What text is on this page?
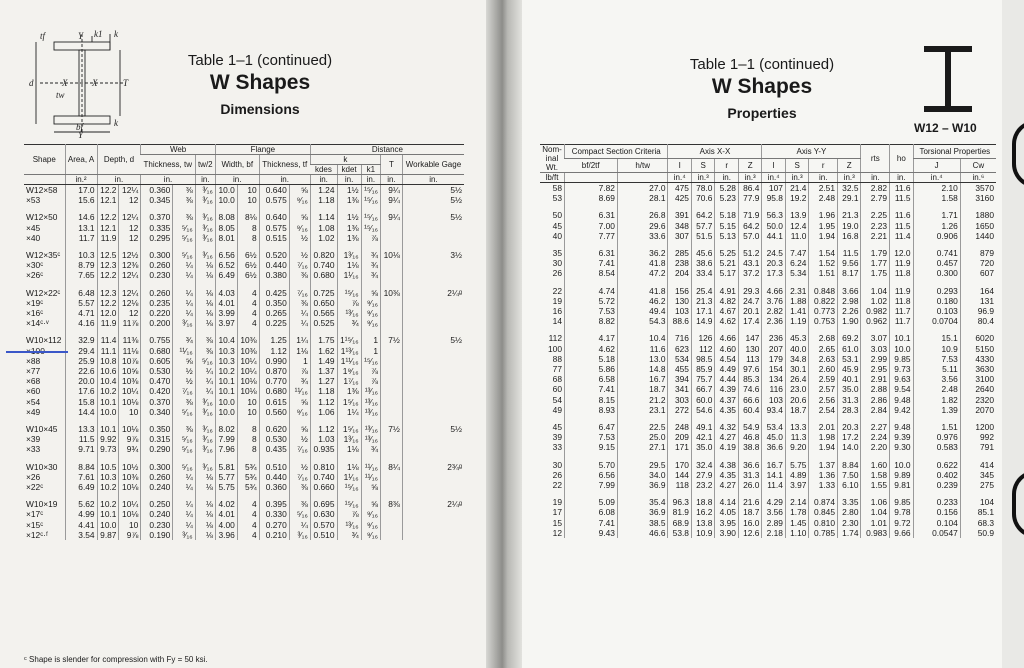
tf	k1 k
d	X	X	T
tw
Y
Y
bf	k
Table 1–1 (continued)
W Shapes
Dimensions
Shape	Area, A	Depth, d		Web			Flange				Distance				
				Thickness, tw		tw/2	Width, bf		Thickness, tf		k			T	Workable Gage
											kdes	kdet	k1		
	in.²	in.		in.		in.	in.		in.		in.	in.	in.	in.	in.
W12×58	17.0	12.2	12¼	0.360	⅜	³⁄₁₆	10.0	10	0.640	⅝	1.24	1½	¹⁵⁄₁₆	9¼	5½
×53	15.6	12.1	12	0.345	⅜	³⁄₁₆	10.0	10	0.575	⁹⁄₁₆	1.18	1⅜	¹⁵⁄₁₆	9¼	5½

W12×50	14.6	12.2	12¼	0.370	⅜	³⁄₁₆	8.08	8⅛	0.640	⅝	1.14	1½	¹⁵⁄₁₆	9¼	5½
×45	13.1	12.1	12	0.335	⁵⁄₁₆	³⁄₁₆	8.05	8	0.575	⁹⁄₁₆	1.08	1⅜	¹⁵⁄₁₆		
×40	11.7	11.9	12	0.295	⁵⁄₁₆	³⁄₁₆	8.01	8	0.515	½	1.02	1⅜	⅞		

W12×35ᶜ	10.3	12.5	12½	0.300	⁵⁄₁₆	³⁄₁₆	6.56	6½	0.520	½	0.820	1³⁄₁₆	¾	10⅛	3½
×30ᶜ	8.79	12.3	12⅜	0.260	¼	⅛	6.52	6½	0.440	⁷⁄₁₆	0.740	1⅛	¾		
×26ᶜ	7.65	12.2	12¼	0.230	¼	⅛	6.49	6½	0.380	⅜	0.680	1¹⁄₁₆	¾		

W12×22ᶜ	6.48	12.3	12¼	0.260	¼	⅛	4.03	4	0.425	⁷⁄₁₆	0.725	¹⁵⁄₁₆	⅝	10⅜	2¼ᵍ
×19ᶜ	5.57	12.2	12⅛	0.235	¼	⅛	4.01	4	0.350	⅜	0.650	⅞	⁹⁄₁₆		
×16ᶜ	4.71	12.0	12	0.220	¼	⅛	3.99	4	0.265	¼	0.565	¹³⁄₁₆	⁹⁄₁₆		
×14ᶜ·ᵛ	4.16	11.9	11⅞	0.200	³⁄₁₆	⅛	3.97	4	0.225	¼	0.525	¾	⁹⁄₁₆		

W10×112	32.9	11.4	11⅜	0.755	¾	⅜	10.4	10⅜	1.25	1¼	1.75	1¹⁵⁄₁₆	1	7½	5½
	29.4	11.1	11⅛	0.680	¹¹⁄₁₆	⅜	10.3	10⅜	1.12	1⅛	1.62	1¹³⁄₁₆	1		
×88	25.9	10.8	10⅞	0.605	⅝	⁵⁄₁₆	10.3	10¼	0.990	1	1.49	1¹¹⁄₁₆	¹⁵⁄₁₆		
×77	22.6	10.6	10⅝	0.530	½	¼	10.2	10¼	0.870	⅞	1.37	1⁹⁄₁₆	⅞		
×68	20.0	10.4	10⅜	0.470	½	¼	10.1	10⅛	0.770	¾	1.27	1⁷⁄₁₆	⅞		
×60	17.6	10.2	10¼	0.420	⁷⁄₁₆	¼	10.1	10⅛	0.680	¹¹⁄₁₆	1.18	1⅜	¹³⁄₁₆		
×54	15.8	10.1	10⅛	0.370	⅜	³⁄₁₆	10.0	10	0.615	⅝	1.12	1⁵⁄₁₆	¹³⁄₁₆		
×49	14.4	10.0	10	0.340	⁵⁄₁₆	³⁄₁₆	10.0	10	0.560	⁹⁄₁₆	1.06	1¼	¹³⁄₁₆		

W10×45	13.3	10.1	10⅛	0.350	⅜	³⁄₁₆	8.02	8	0.620	⅝	1.12	1⁵⁄₁₆	¹³⁄₁₆	7½	5½
×39	11.5	9.92	9⅞	0.315	⁵⁄₁₆	³⁄₁₆	7.99	8	0.530	½	1.03	1³⁄₁₆	¹³⁄₁₆		
×33	9.71	9.73	9¾	0.290	⁵⁄₁₆	³⁄₁₆	7.96	8	0.435	⁷⁄₁₆	0.935	1⅛	¾		

W10×30	8.84	10.5	10½	0.300	⁵⁄₁₆	³⁄₁₆	5.81	5¾	0.510	½	0.810	1⅛	¹¹⁄₁₆	8¼	2¾ᵍ
×26	7.61	10.3	10⅜	0.260	¼	⅛	5.77	5¾	0.440	⁷⁄₁₆	0.740	1¹⁄₁₆	¹¹⁄₁₆		
×22ᶜ	6.49	10.2	10⅛	0.240	¼	⅛	5.75	5¾	0.360	⅜	0.660	¹⁵⁄₁₆	⅝		

W10×19	5.62	10.2	10¼	0.250	¼	⅛	4.02	4	0.395	⅜	0.695	¹⁵⁄₁₆	⅝	8⅜	2¼ᵍ
×17ᶜ	4.99	10.1	10⅛	0.240	¼	⅛	4.01	4	0.330	⁵⁄₁₆	0.630	⅞	⁹⁄₁₆		
×15ᶜ	4.41	10.0	10	0.230	¼	⅛	4.00	4	0.270	¼	0.570	¹³⁄₁₆	⁹⁄₁₆		
×12ᶜ·ᶠ	3.54	9.87	9⅞	0.190	³⁄₁₆	⅛	3.96	4	0.210	³⁄₁₆	0.510	¾	⁹⁄₁₆		
ᶜ Shape is slender for compression with Fy = 50 ksi.
Table 1–1 (continued)
W Shapes
Properties
W12 – W10
Nom-inal Wt.	Compact Section Criteria		Axis X-X				Axis Y-Y				rts	ho	Torsional Properties	
	bf/2tf	h/tw	I	S	r	Z	I	S	r	Z			J	Cw
lb/ft			in.⁴	in.³	in.	in.³	in.⁴	in.³	in.	in.³	in.	in.	in.⁴	in.⁶
58	7.82	27.0	475	78.0	5.28	86.4	107	21.4	2.51	32.5	2.82	11.6	2.10	3570
53	8.69	28.1	425	70.6	5.23	77.9	95.8	19.2	2.48	29.1	2.79	11.5	1.58	3160

50	6.31	26.8	391	64.2	5.18	71.9	56.3	13.9	1.96	21.3	2.25	11.6	1.71	1880
45	7.00	29.6	348	57.7	5.15	64.2	50.0	12.4	1.95	19.0	2.23	11.5	1.26	1650
40	7.77	33.6	307	51.5	5.13	57.0	44.1	11.0	1.94	16.8	2.21	11.4	0.906	1440

35	6.31	36.2	285	45.6	5.25	51.2	24.5	7.47	1.54	11.5	1.79	12.0	0.741	879
30	7.41	41.8	238	38.6	5.21	43.1	20.3	6.24	1.52	9.56	1.77	11.9	0.457	720
26	8.54	47.2	204	33.4	5.17	37.2	17.3	5.34	1.51	8.17	1.75	11.8	0.300	607

22	4.74	41.8	156	25.4	4.91	29.3	4.66	2.31	0.848	3.66	1.04	11.9	0.293	164
19	5.72	46.2	130	21.3	4.82	24.7	3.76	1.88	0.822	2.98	1.02	11.8	0.180	131
16	7.53	49.4	103	17.1	4.67	20.1	2.82	1.41	0.773	2.26	0.982	11.7	0.103	96.9
14	8.82	54.3	88.6	14.9	4.62	17.4	2.36	1.19	0.753	1.90	0.962	11.7	0.0704	80.4

112	4.17	10.4	716	126	4.66	147	236	45.3	2.68	69.2	3.07	10.1	15.1	6020
100	4.62	11.6	623	112	4.60	130	207	40.0	2.65	61.0	3.03	10.0	10.9	5150
88	5.18	13.0	534	98.5	4.54	113	179	34.8	2.63	53.1	2.99	9.85	7.53	4330
77	5.86	14.8	455	85.9	4.49	97.6	154	30.1	2.60	45.9	2.95	9.73	5.11	3630
68	6.58	16.7	394	75.7	4.44	85.3	134	26.4	2.59	40.1	2.91	9.63	3.56	3100
60	7.41	18.7	341	66.7	4.39	74.6	116	23.0	2.57	35.0	2.88	9.54	2.48	2640
54	8.15	21.2	303	60.0	4.37	66.6	103	20.6	2.56	31.3	2.86	9.48	1.82	2320
49	8.93	23.1	272	54.6	4.35	60.4	93.4	18.7	2.54	28.3	2.84	9.42	1.39	2070

45	6.47	22.5	248	49.1	4.32	54.9	53.4	13.3	2.01	20.3	2.27	9.48	1.51	1200
39	7.53	25.0	209	42.1	4.27	46.8	45.0	11.3	1.98	17.2	2.24	9.39	0.976	992
33	9.15	27.1	171	35.0	4.19	38.8	36.6	9.20	1.94	14.0	2.20	9.30	0.583	791

30	5.70	29.5	170	32.4	4.38	36.6	16.7	5.75	1.37	8.84	1.60	10.0	0.622	414
26	6.56	34.0	144	27.9	4.35	31.3	14.1	4.89	1.36	7.50	1.58	9.89	0.402	345
22	7.99	36.9	118	23.2	4.27	26.0	11.4	3.97	1.33	6.10	1.55	9.81	0.239	275

19	5.09	35.4	96.3	18.8	4.14	21.6	4.29	2.14	0.874	3.35	1.06	9.85	0.233	104
17	6.08	36.9	81.9	16.2	4.05	18.7	3.56	1.78	0.845	2.80	1.04	9.78	0.156	85.1
15	7.41	38.5	68.9	13.8	3.95	16.0	2.89	1.45	0.810	2.30	1.01	9.72	0.104	68.3
12	9.43	46.6	53.8	10.9	3.90	12.6	2.18	1.10	0.785	1.74	0.983	9.66	0.0547	50.9
